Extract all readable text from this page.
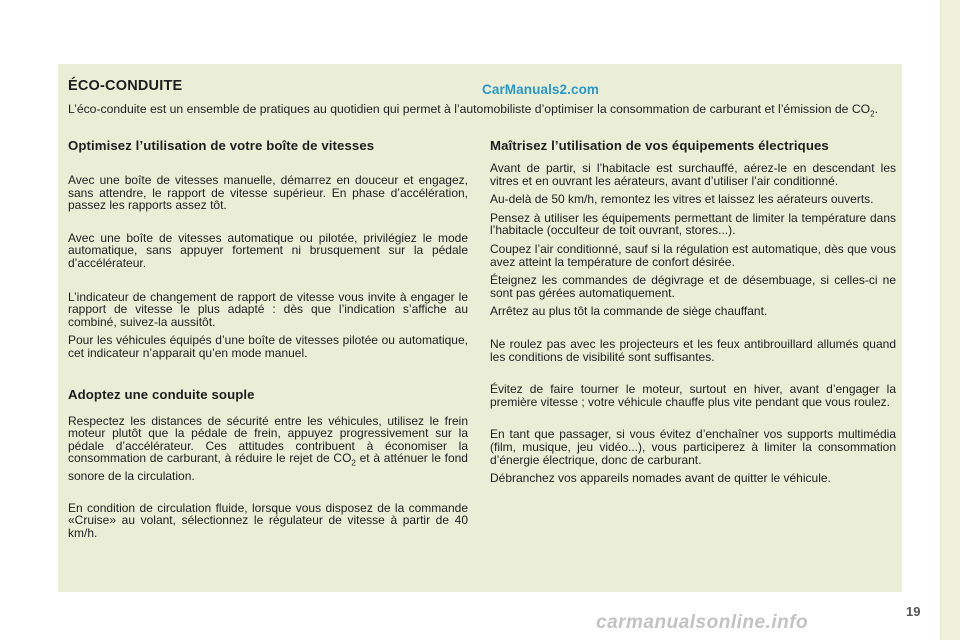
ÉCO-CONDUITE	CarManuals2.com

L’éco-conduite est un ensemble de pratiques au quotidien qui permet à l’automobiliste d’optimiser la consommation de carburant et l’émission de $CO_2$.

Optimisez l’utilisation de votre boîte de vitesses

Avec une boîte de vitesses manuelle, démarrez en douceur et engagez, sans attendre, le rapport de vitesse supérieur. En phase d’accélération, passez les rapports assez tôt.

Avec une boîte de vitesses automatique ou pilotée, privilégiez le mode automatique, sans appuyer fortement ni brusquement sur la pédale d’accélérateur.

L’indicateur de changement de rapport de vitesse vous invite à engager le rapport de vitesse le plus adapté : dès que l’indication s’affiche au combiné, suivez-la aussitôt.

Pour les véhicules équipés d’une boîte de vitesses pilotée ou automatique, cet indicateur n’apparait qu’en mode manuel.

Adoptez une conduite souple

Respectez les distances de sécurité entre les véhicules, utilisez le frein moteur plutôt que la pédale de frein, appuyez progressivement sur la pédale d’accélérateur. Ces attitudes contribuent à économiser la consommation de carburant, à réduire le rejet de $CO_2$ et à atténuer le fond sonore de la circulation.

En condition de circulation fluide, lorsque vous disposez de la commande «Cruise» au volant, sélectionnez le régulateur de vitesse à partir de 40 km/h.

Maîtrisez l’utilisation de vos équipements électriques

Avant de partir, si l’habitacle est surchauffé, aérez-le en descendant les vitres et en ouvrant les aérateurs, avant d’utiliser l’air conditionné.

Au-delà de 50 km/h, remontez les vitres et laissez les aérateurs ouverts.

Pensez à utiliser les équipements permettant de limiter la température dans l’habitacle (occulteur de toit ouvrant, stores...).

Coupez l’air conditionné, sauf si la régulation est automatique, dès que vous avez atteint la température de confort désirée.

Éteignez les commandes de dégivrage et de désembuage, si celles-ci ne sont pas gérées automatiquement.

Arrêtez au plus tôt la commande de siège chauffant.

Ne roulez pas avec les projecteurs et les feux antibrouillard allumés quand les conditions de visibilité sont suffisantes.

Évitez de faire tourner le moteur, surtout en hiver, avant d’engager la première vitesse ; votre véhicule chauffe plus vite pendant que vous roulez.

En tant que passager, si vous évitez d’enchaîner vos supports multimédia (film, musique, jeu vidéo...), vous participerez à limiter la consommation d’énergie électrique, donc de carburant.

Débranchez vos appareils nomades avant de quitter le véhicule.

19
carmanualsonline.info
